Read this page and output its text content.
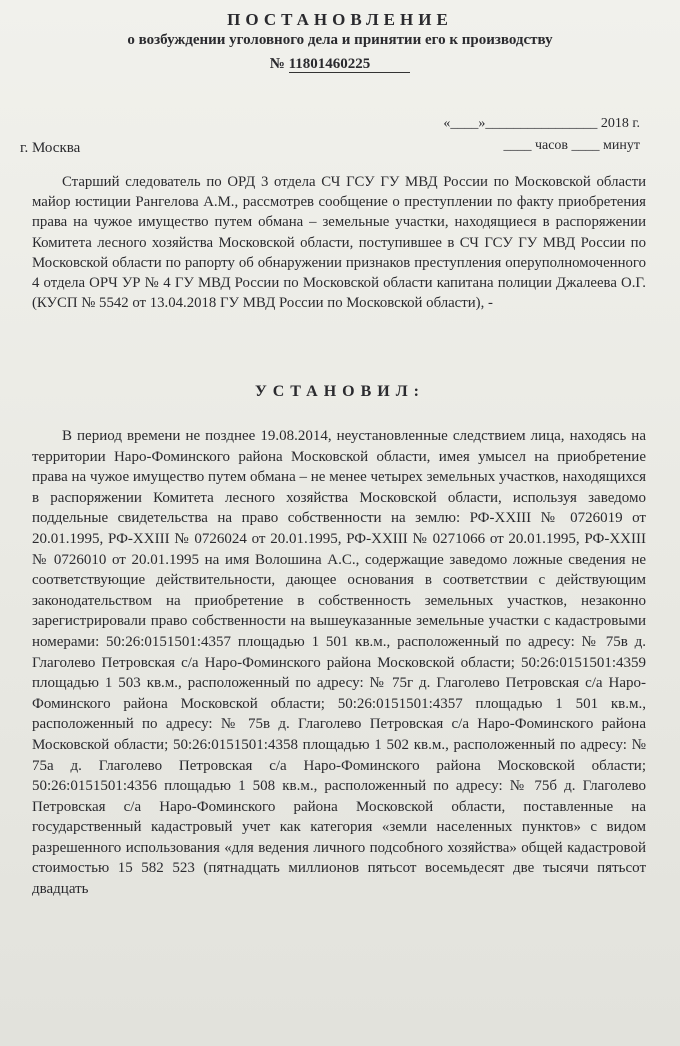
ПОСТАНОВЛЕНИЕ
о возбуждении уголовного дела и принятии его к производству
№ 11801460225
г. Москва
«____»________________ 2018 г.
____ часов ____ минут
Старший следователь по ОРД 3 отдела СЧ ГСУ ГУ МВД России по Московской области майор юстиции Рангелова А.М., рассмотрев сообщение о преступлении по факту приобретения права на чужое имущество путем обмана – земельные участки, находящиеся в распоряжении Комитета лесного хозяйства Московской области, поступившее в СЧ ГСУ ГУ МВД России по Московской области по рапорту об обнаружении признаков преступления оперуполномоченного 4 отдела ОРЧ УР № 4 ГУ МВД России по Московской области капитана полиции Джалеева О.Г. (КУСП № 5542 от 13.04.2018 ГУ МВД России по Московской области), -
УСТАНОВИЛ:
В период времени не позднее 19.08.2014, неустановленные следствием лица, находясь на территории Наро-Фоминского района Московской области, имея умысел на приобретение права на чужое имущество путем обмана – не менее четырех земельных участков, находящихся в распоряжении Комитета лесного хозяйства Московской области, используя заведомо поддельные свидетельства на право собственности на землю: РФ-XXIII № 0726019 от 20.01.1995, РФ-XXIII № 0726024 от 20.01.1995, РФ-XXIII № 0271066 от 20.01.1995, РФ-XXIII № 0726010 от 20.01.1995 на имя Волошина А.С., содержащие заведомо ложные сведения не соответствующие действительности, дающее основания в соответствии с действующим законодательством на приобретение в собственность земельных участков, незаконно зарегистрировали право собственности на вышеуказанные земельные участки с кадастровыми номерами: 50:26:0151501:4357 площадью 1 501 кв.м., расположенный по адресу: № 75в д. Глаголево Петровская с/а Наро-Фоминского района Московской области; 50:26:0151501:4359 площадью 1 503 кв.м., расположенный по адресу: № 75г д. Глаголево Петровская с/а Наро-Фоминского района Московской области; 50:26:0151501:4357 площадью 1 501 кв.м., расположенный по адресу: № 75в д. Глаголево Петровская с/а Наро-Фоминского района Московской области; 50:26:0151501:4358 площадью 1 502 кв.м., расположенный по адресу: № 75а д. Глаголево Петровская с/а Наро-Фоминского района Московской области; 50:26:0151501:4356 площадью 1 508 кв.м., расположенный по адресу: № 75б д. Глаголево Петровская с/а Наро-Фоминского района Московской области, поставленные на государственный кадастровый учет как категория «земли населенных пунктов» с видом разрешенного использования «для ведения личного подсобного хозяйства» общей кадастровой стоимостью 15 582 523 (пятнадцать миллионов пятьсот восемьдесят две тысячи пятьсот двадцать
